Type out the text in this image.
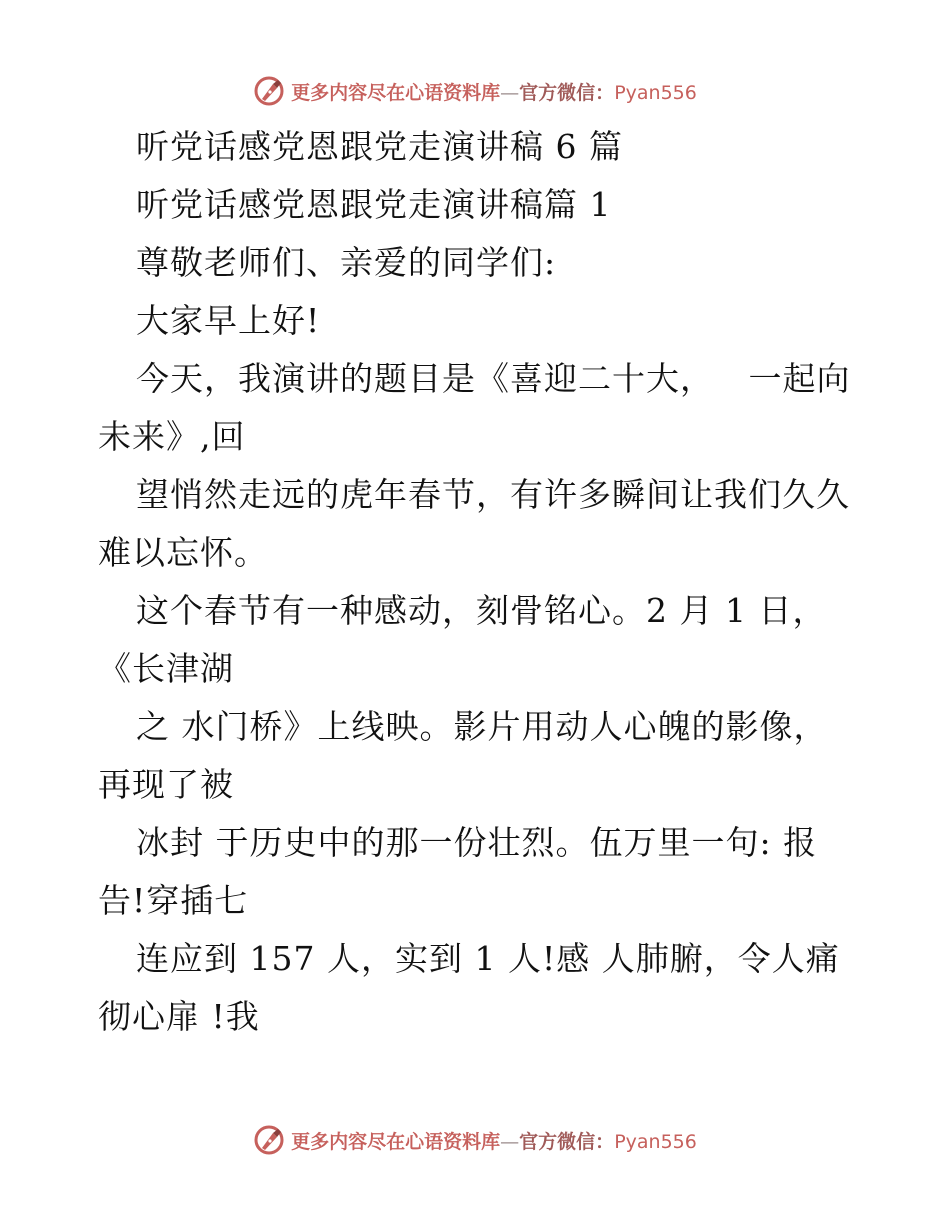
更多内容尽在心语资料库—官方微信：Pyan556

听党话感党恩跟党走演讲稿 6 篇

听党话感党恩跟党走演讲稿篇 1

尊敬老师们、亲爱的同学们:

大家早上好!

今天，我演讲的题目是《喜迎二十大，   一起向未来》,回

望悄然走远的虎年春节，有许多瞬间让我们久久难以忘怀。

这个春节有一种感动，刻骨铭心。2 月 1 日，《长津湖

之 水门桥》上线映。影片用动人心魄的影像，再现了被

冰封 于历史中的那一份壮烈。伍万里一句: 报告!穿插七

连应到 157 人，实到 1 人!感 人肺腑，令人痛彻心扉 !我

更多内容尽在心语资料库—官方微信：Pyan556
